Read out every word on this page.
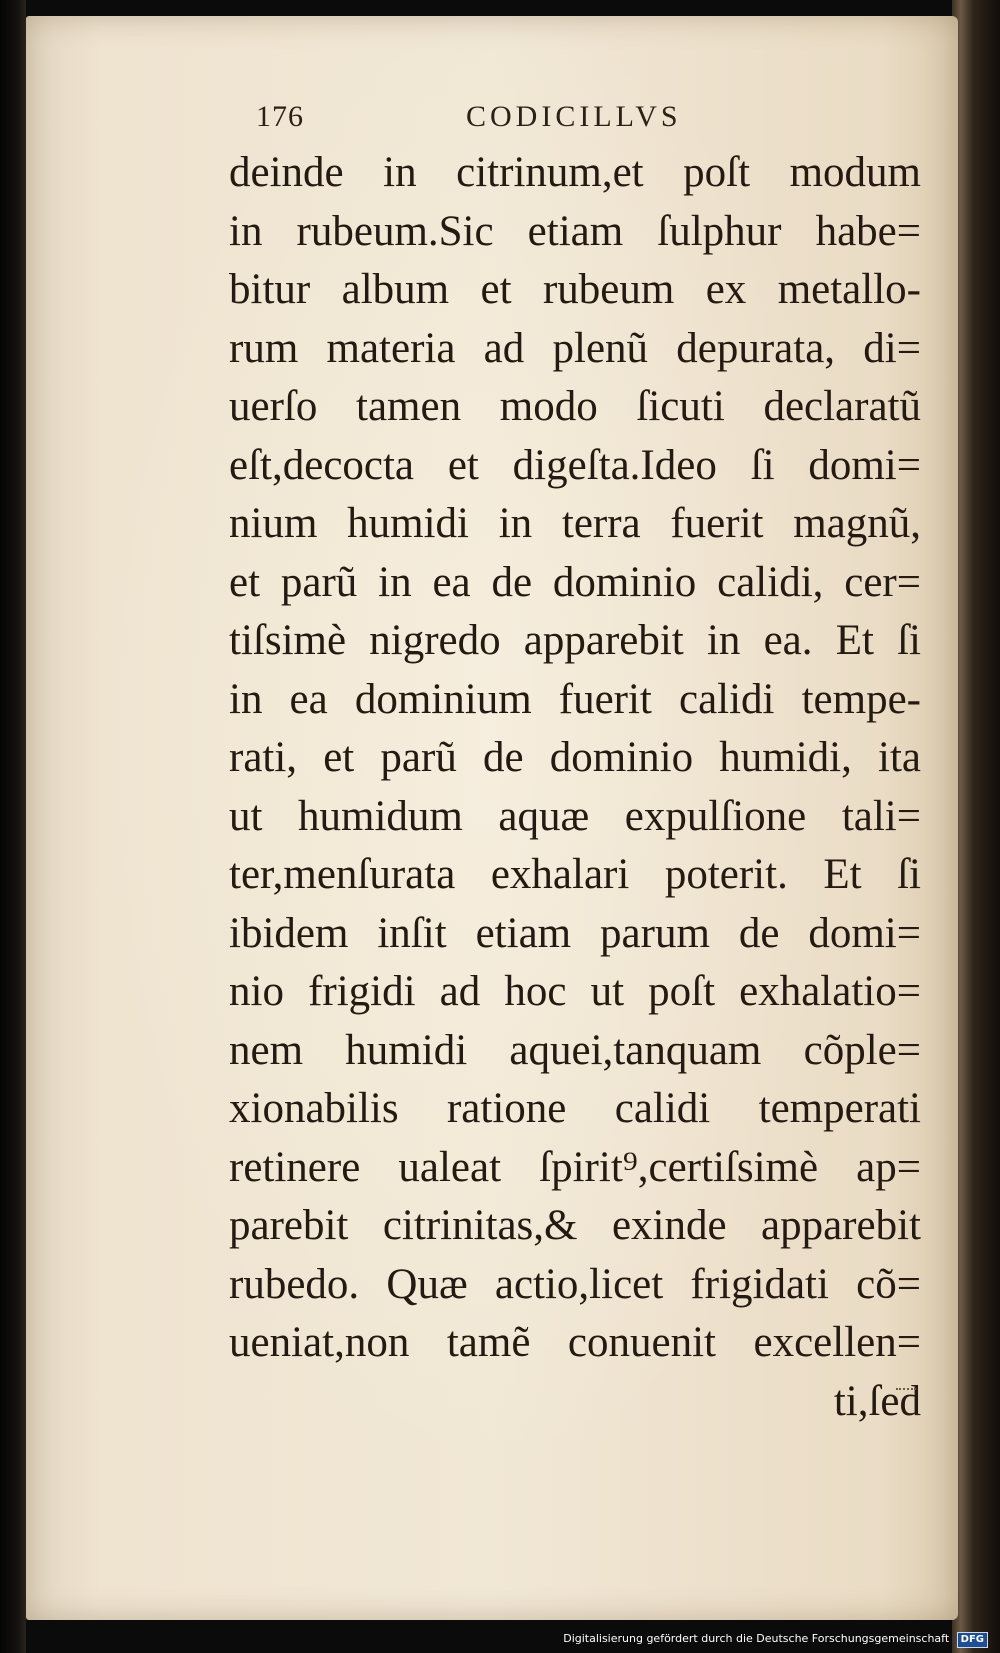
176	CODICILLVS
deinde in citrinum,et poſt modum
in rubeum.Sic etiam ſulphur habe=
bitur album et rubeum ex metallo-
rum materia ad plenũ depurata, di=
uerſo tamen modo ſicuti declaratũ
eſt,decocta et digeſta.Ideo ſi domi=
nium humidi in terra fuerit magnũ,
et parũ in ea de dominio calidi, cer=
tiſsimè nigredo apparebit in ea. Et ſi
in ea dominium fuerit calidi tempe-
rati, et parũ de dominio humidi, ita
ut humidum aquæ expulſione tali=
ter,menſurata exhalari poterit. Et ſi
ibidem inſit etiam parum de domi=
nio frigidi ad hoc ut poſt exhalatio=
nem humidi aquei,tanquam cõple=
xionabilis ratione calidi temperati
retinere ualeat ſpirit⁹,certiſsimè ap=
parebit citrinitas,& exinde apparebit
rubedo. Quæ actio,licet frigidati cõ=
ueniat,non tamẽ conuenit excellen=
ti,ſed
Digitalisierung gefördert durch die Deutsche Forschungsgemeinschaft DFG
